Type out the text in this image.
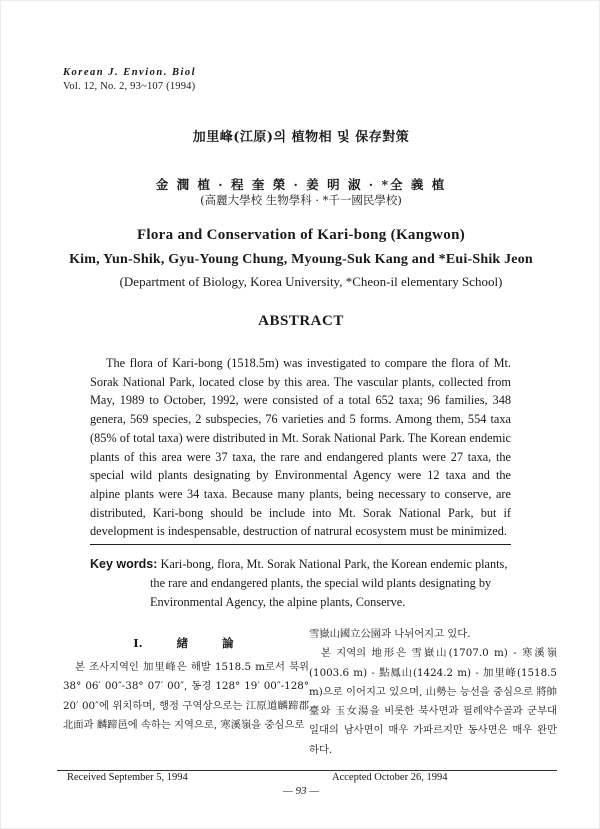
Korean J. Envion. Biol
Vol. 12, No. 2, 93~107 (1994)
加里峰(江原)의 植物相 및 保存對策
金 潤 植 · 程 奎 榮 · 姜 明 淑 · *全 義 植
(高麗大學校 生物學科 · *千一國民學校)
Flora and Conservation of Kari-bong (Kangwon)
Kim, Yun-Shik, Gyu-Young Chung, Myoung-Suk Kang and *Eui-Shik Jeon
(Department of Biology, Korea University, *Cheon-il elementary School)
ABSTRACT

The flora of Kari-bong (1518.5m) was investigated to compare the flora of Mt. Sorak National Park, located close by this area. The vascular plants, collected from May, 1989 to October, 1992, were consisted of a total 652 taxa; 96 families, 348 genera, 569 species, 2 subspecies, 76 varieties and 5 forms. Among them, 554 taxa (85% of total taxa) were distributed in Mt. Sorak National Park. The Korean endemic plants of this area were 37 taxa, the rare and endangered plants were 27 taxa, the special wild plants designating by Environmental Agency were 12 taxa and the alpine plants were 34 taxa. Because many plants, being necessary to conserve, are distributed, Kari-bong should be include into Mt. Sorak National Park, but if development is indespensable, destruction of natrural ecosystem must be minimized.

Key words: Kari-bong, flora, Mt. Sorak National Park, the Korean endemic plants, the rare and endangered plants, the special wild plants designating by Environmental Agency, the alpine plants, Conserve.
I. 緖 論

본 조사지역인 加里峰은 해발 1518.5 m로서 북위 38° 06′ 00″-38° 07′ 00″, 동경 128° 19′ 00″-128° 20′ 00″에 위치하며, 행정 구역상으로는 江原道麟蹄郡 北面과 麟蹄邑에 속하는 지역으로, 寒溪嶺을 중심으로

雪嶽山國立公園과 나뉘어지고 있다.

본 지역의 地形은 雪嶽山(1707.0 m) - 寒溪嶺(1003.6 m) - 點鳳山(1424.2 m) - 加里峰(1518.5 m)으로 이어지고 있으며, 山勢는 능선을 중심으로 將帥臺와 玉女湯을 비롯한 북사면과 필례약수골과 군부대 일대의 남사면이 매우 가파르지만 동사면은 매우 완만하다.

Received September 5, 1994	Accepted October 26, 1994
— 93 —
